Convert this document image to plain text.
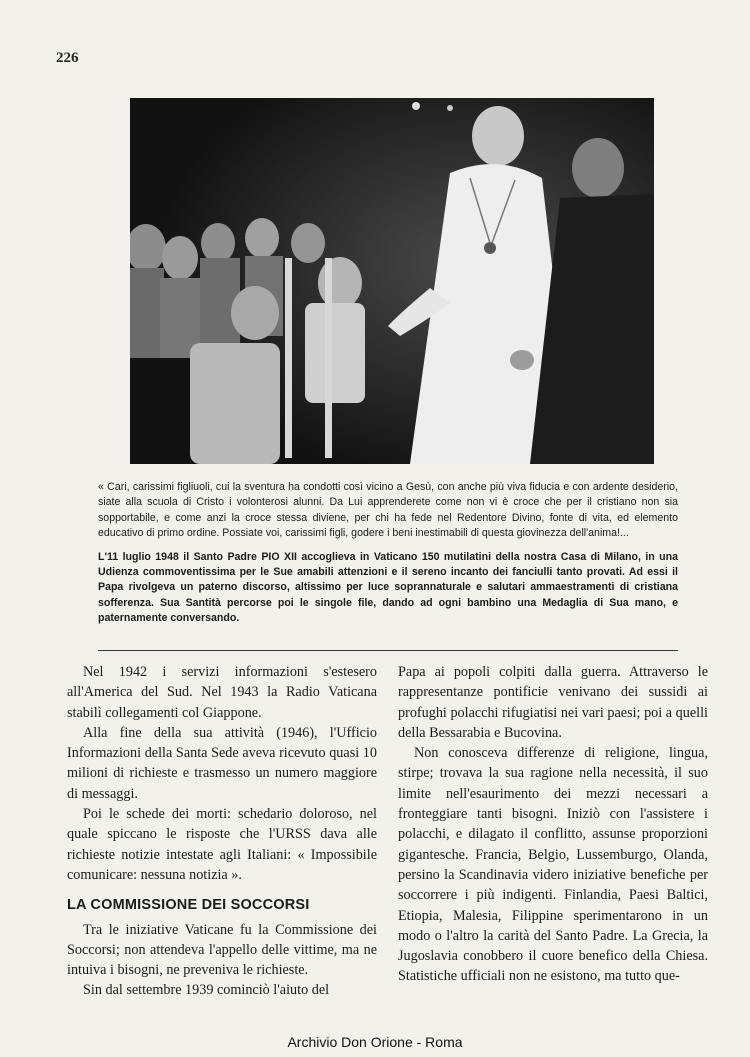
226

« Cari, carissimi figliuoli, cui la sventura ha condotti così vicino a Gesù, con anche più viva fiducia e con ardente desiderio, siate alla scuola di Cristo i volonterosi alunni. Da Lui apprenderete come non vi è croce che per il cristiano non sia sopportabile, e come anzi la croce stessa diviene, per chi ha fede nel Redentore Divino, fonte di vita, ed elemento educativo di primo ordine. Possiate voi, carissimi figli, godere i beni inestimabili di questa giovinezza dell'anima!...

L'11 luglio 1948 il Santo Padre PIO XII accoglieva in Vaticano 150 mutilatini della nostra Casa di Milano, in una Udienza commoventissima per le Sue amabili attenzioni e il sereno incanto dei fanciulli tanto provati. Ad essi il Papa rivolgeva un paterno discorso, altissimo per luce soprannaturale e salutari ammaestramenti di cristiana sofferenza. Sua Santità percorse poi le singole file, dando ad ogni bambino una Medaglia di Sua mano, e paternamente conversando.

Nel 1942 i servizi informazioni s'estesero all'America del Sud. Nel 1943 la Radio Vaticana stabilì collegamenti col Giappone.

Alla fine della sua attività (1946), l'Ufficio Informazioni della Santa Sede aveva ricevuto quasi 10 milioni di richieste e trasmesso un numero maggiore di messaggi.

Poi le schede dei morti: schedario doloroso, nel quale spiccano le risposte che l'URSS dava alle richieste notizie intestate agli Italiani: « Impossibile comunicare: nessuna notizia ».

LA COMMISSIONE DEI SOCCORSI

Tra le iniziative Vaticane fu la Commissione dei Soccorsi; non attendeva l'appello delle vittime, ma ne intuiva i bisogni, ne preveniva le richieste.

Sin dal settembre 1939 cominciò l'aiuto del

Papa ai popoli colpiti dalla guerra. Attraverso le rappresentanze pontificie venivano dei sussidi ai profughi polacchi rifugiatisi nei vari paesi; poi a quelli della Bessarabia e Bucovina.

Non conosceva differenze di religione, lingua, stirpe; trovava la sua ragione nella necessità, il suo limite nell'esaurimento dei mezzi necessari a fronteggiare tanti bisogni. Iniziò con l'assistere i polacchi, e dilagato il conflitto, assunse proporzioni gigantesche. Francia, Belgio, Lussemburgo, Olanda, persino la Scandinavia videro iniziative benefiche per soccorrere i più indigenti. Finlandia, Paesi Baltici, Etiopia, Malesia, Filippine sperimentarono in un modo o l'altro la carità del Santo Padre. La Grecia, la Jugoslavia conobbero il cuore benefico della Chiesa. Statistiche ufficiali non ne esistono, ma tutto que-

Archivio Don Orione - Roma
